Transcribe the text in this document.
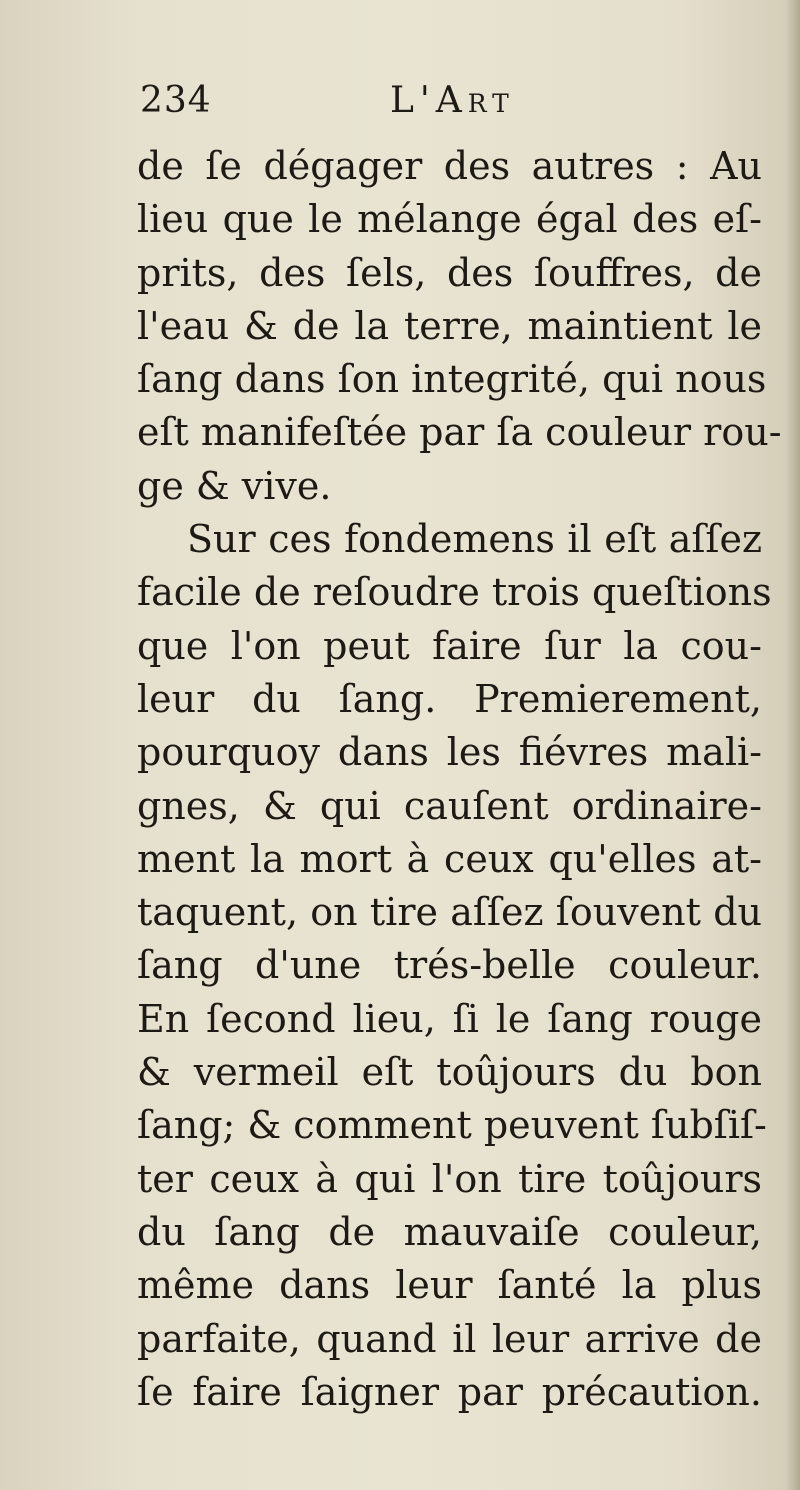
234	L'Art
de ſe dégager des autres : Au
lieu que le mélange égal des eſ-
prits, des ſels, des ſouffres, de
l'eau & de la terre, maintient le
ſang dans ſon integrité, qui nous
eſt manifeſtée par ſa couleur rou-
ge & vive.
Sur ces fondemens il eſt aſſez
facile de reſoudre trois queſtions
que l'on peut faire ſur la cou-
leur du ſang. Premierement,
pourquoy dans les fiévres mali-
gnes, & qui cauſent ordinaire-
ment la mort à ceux qu'elles at-
taquent, on tire aſſez ſouvent du
ſang d'une trés-belle couleur.
En ſecond lieu, ſi le ſang rouge
& vermeil eſt toûjours du bon
ſang; & comment peuvent ſubſiſ-
ter ceux à qui l'on tire toûjours
du ſang de mauvaiſe couleur,
même dans leur ſanté la plus
parfaite, quand il leur arrive de
ſe faire ſaigner par précaution.
